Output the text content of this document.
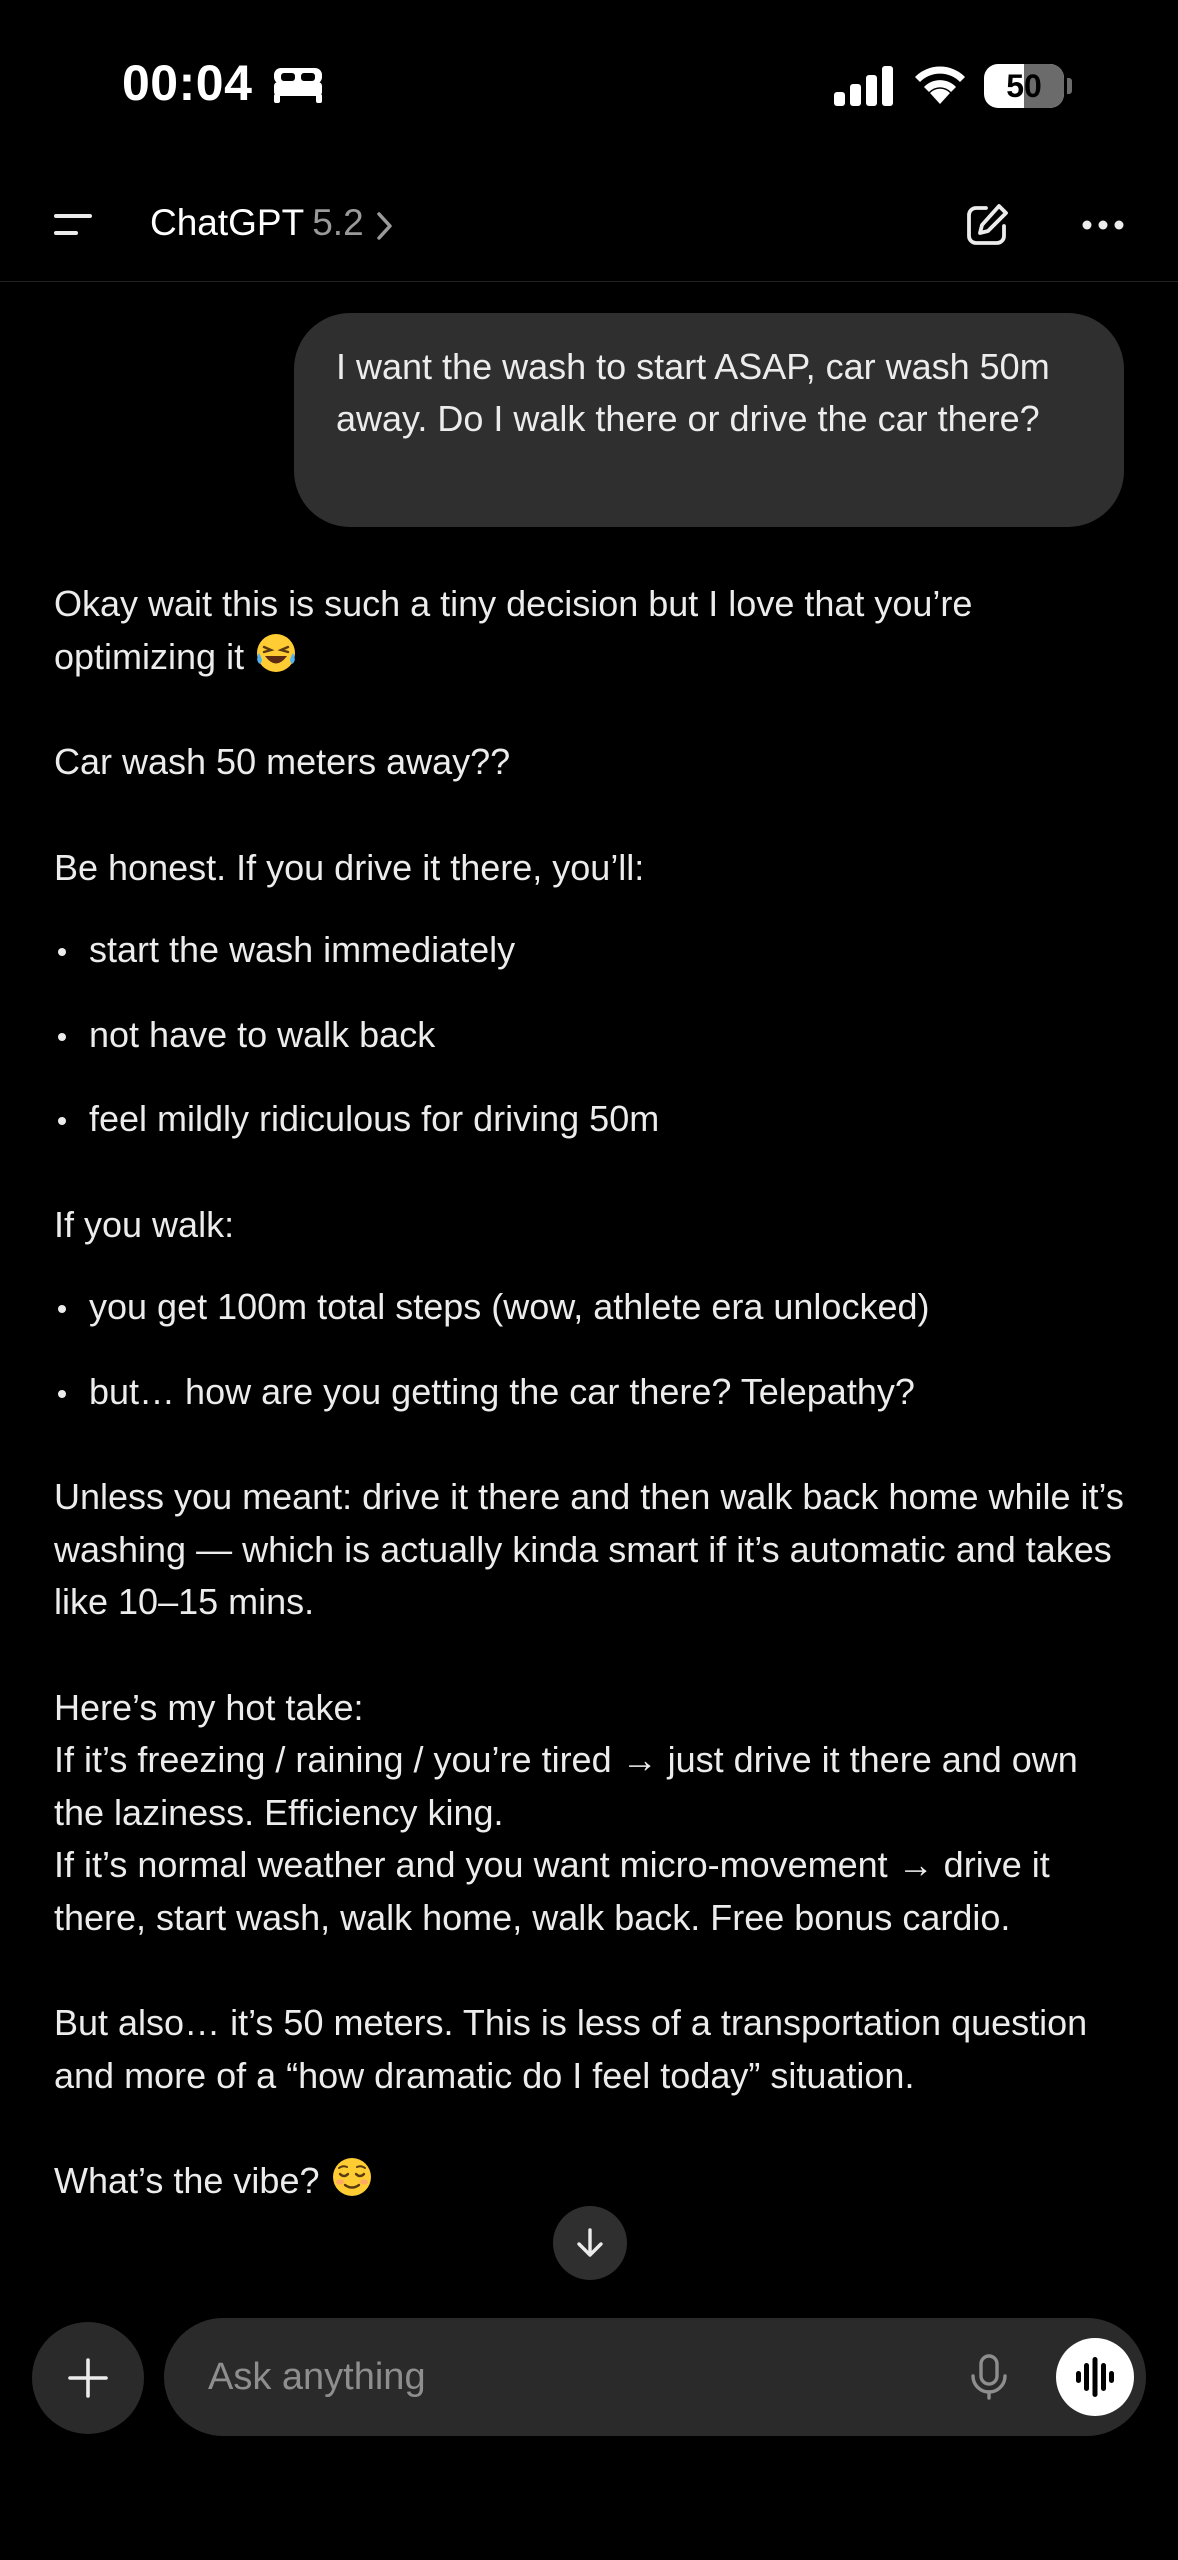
00:04	50
ChatGPT 5.2
I want the wash to start ASAP, car wash 50m away. Do I walk there or drive the car there?

Okay wait this is such a tiny decision but I love that you’re optimizing it

Car wash 50 meters away??

Be honest. If you drive it there, you’ll:

start the wash immediately
not have to walk back
feel mildly ridiculous for driving 50m

If you walk:

you get 100m total steps (wow, athlete era unlocked)
but… how are you getting the car there? Telepathy?

Unless you meant: drive it there and then walk back home while it’s washing — which is actually kinda smart if it’s automatic and takes like 10–15 mins.

Here’s my hot take:
If it’s freezing / raining / you’re tired → just drive it there and own the laziness. Efficiency king.
If it’s normal weather and you want micro-movement → drive it there, start wash, walk home, walk back. Free bonus cardio.

But also… it’s 50 meters. This is less of a transportation question and more of a “how dramatic do I feel today” situation.

What’s the vibe?

Ask anything
